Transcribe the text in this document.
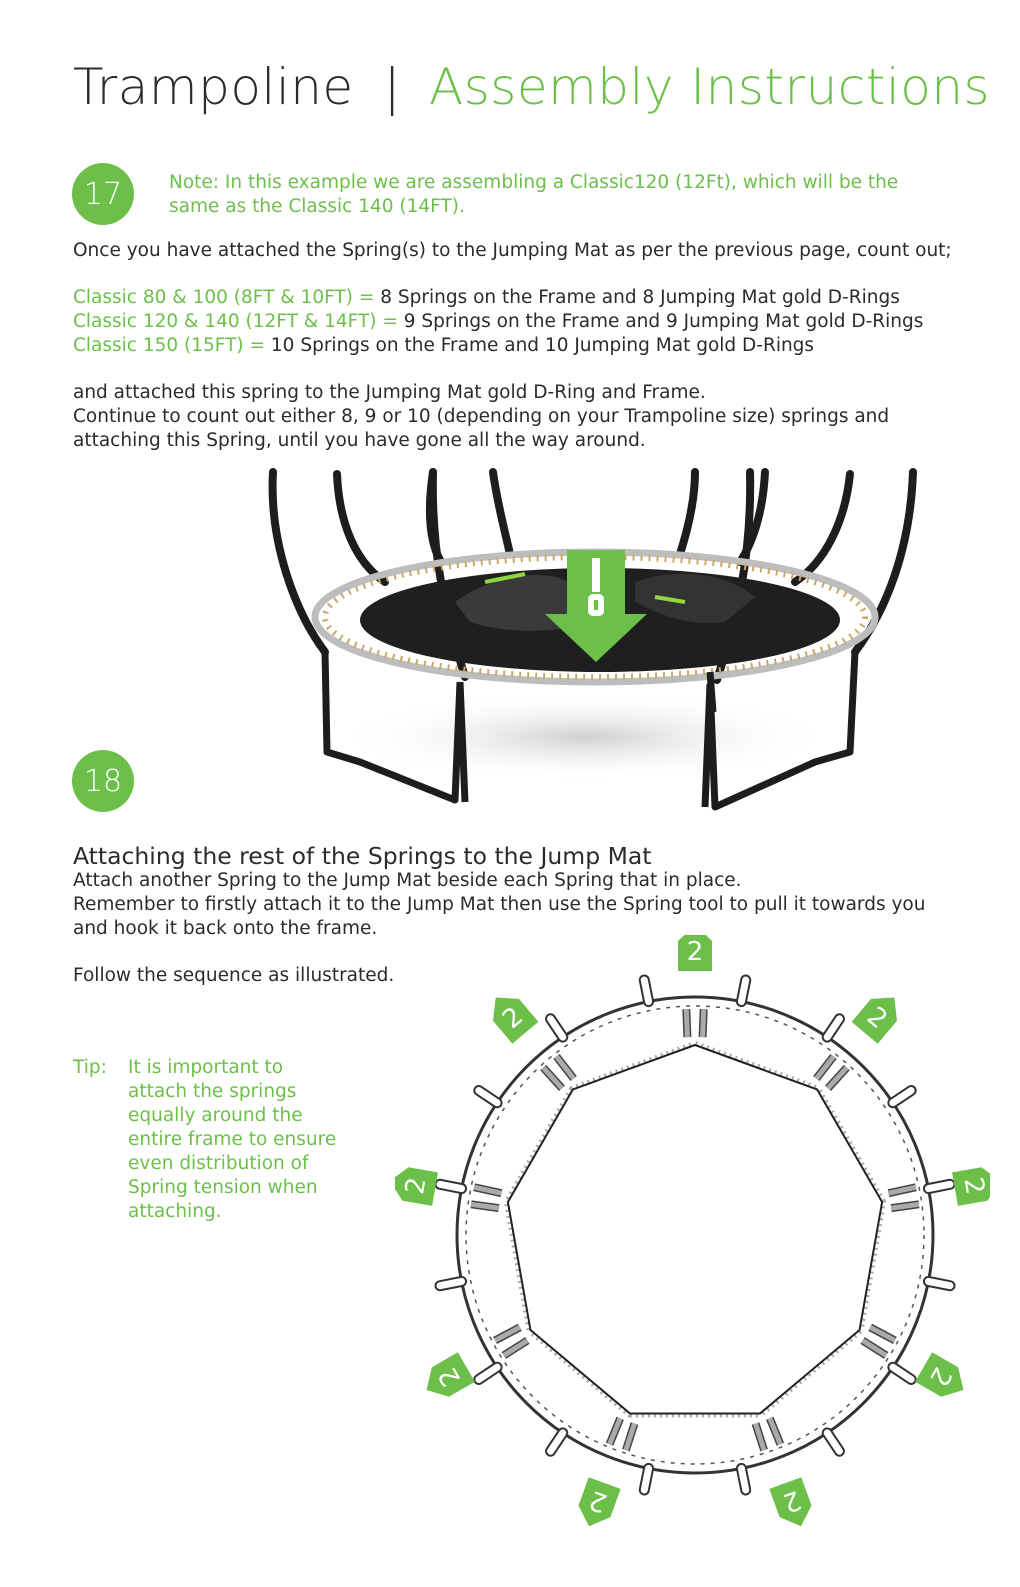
Trampoline | Assembly Instructions
17	Note: In this example we are assembling a Classic120 (12Ft), which will be the
same as the Classic 140 (14FT).
Once you have attached the Spring(s) to the Jumping Mat as per the previous page, count out;
Classic 80 & 100 (8FT & 10FT) = 8 Springs on the Frame and 8 Jumping Mat gold D-Rings
Classic 120 & 140 (12FT & 14FT) = 9 Springs on the Frame and 9 Jumping Mat gold D-Rings
Classic 150 (15FT) = 10 Springs on the Frame and 10 Jumping Mat gold D-Rings
and attached this spring to the Jumping Mat gold D-Ring and Frame.
Continue to count out either 8, 9 or 10 (depending on your Trampoline size) springs and
attaching this Spring, until you have gone all the way around.
18
Attaching the rest of the Springs to the Jump Mat
Attach another Spring to the Jump Mat beside each Spring that in place.
Remember to firstly attach it to the Jump Mat then use the Spring tool to pull it towards you
and hook it back onto the frame.
Follow the sequence as illustrated.
Tip: It is important to
attach the springs
equally around the
entire frame to ensure
even distribution of
Spring tension when
attaching.
2
2
2
2
2
2
2
2
2
